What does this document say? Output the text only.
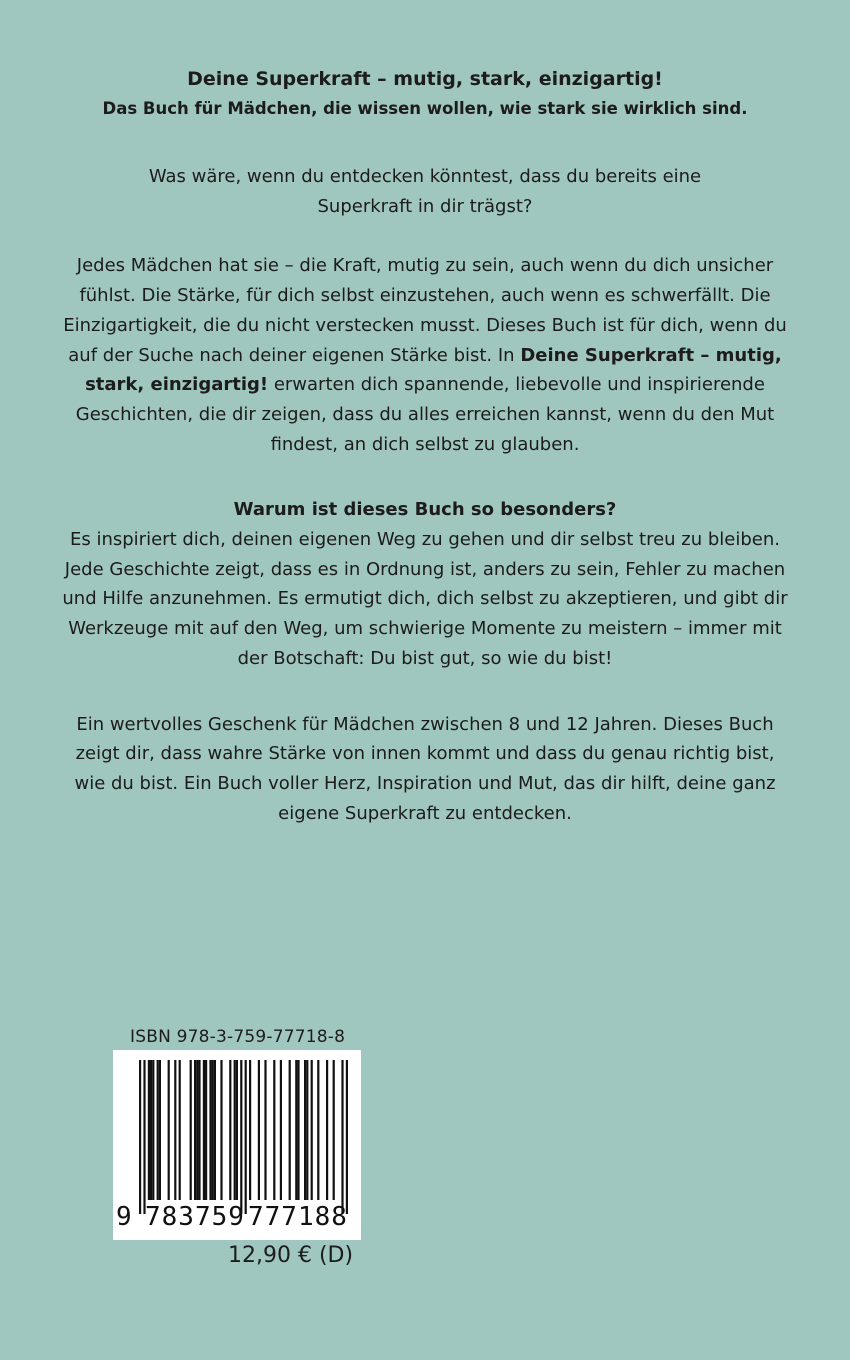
Deine Superkraft – mutig, stark, einzigartig!
Das Buch für Mädchen, die wissen wollen, wie stark sie wirklich sind.

Was wäre, wenn du entdecken könntest, dass du bereits eine Superkraft in dir trägst?

Jedes Mädchen hat sie – die Kraft, mutig zu sein, auch wenn du dich unsicher fühlst. Die Stärke, für dich selbst einzustehen, auch wenn es schwerfällt. Die Einzigartigkeit, die du nicht verstecken musst. Dieses Buch ist für dich, wenn du auf der Suche nach deiner eigenen Stärke bist. In Deine Superkraft – mutig, stark, einzigartig! erwarten dich spannende, liebevolle und inspirierende Geschichten, die dir zeigen, dass du alles erreichen kannst, wenn du den Mut findest, an dich selbst zu glauben.

Warum ist dieses Buch so besonders?

Es inspiriert dich, deinen eigenen Weg zu gehen und dir selbst treu zu bleiben. Jede Geschichte zeigt, dass es in Ordnung ist, anders zu sein, Fehler zu machen und Hilfe anzunehmen. Es ermutigt dich, dich selbst zu akzeptieren, und gibt dir Werkzeuge mit auf den Weg, um schwierige Momente zu meistern – immer mit der Botschaft: Du bist gut, so wie du bist!

Ein wertvolles Geschenk für Mädchen zwischen 8 und 12 Jahren. Dieses Buch zeigt dir, dass wahre Stärke von innen kommt und dass du genau richtig bist, wie du bist. Ein Buch voller Herz, Inspiration und Mut, das dir hilft, deine ganz eigene Superkraft zu entdecken.

ISBN 978-3-759-77718-8
9 783759 777188
12,90 € (D)
